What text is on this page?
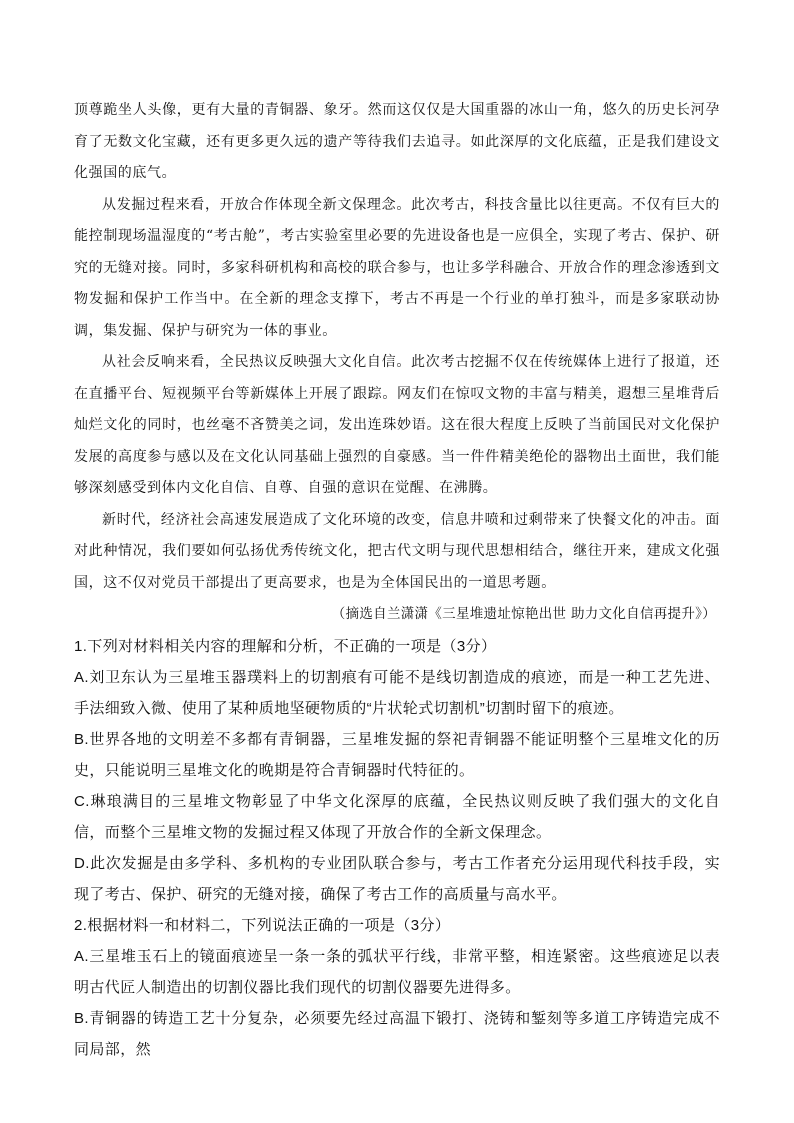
顶尊跪坐人头像，更有大量的青铜器、象牙。然而这仅仅是大国重器的冰山一角，悠久的历史长河孕育了无数文化宝藏，还有更多更久远的遗产等待我们去追寻。如此深厚的文化底蕴，正是我们建设文化强国的底气。

从发掘过程来看，开放合作体现全新文保理念。此次考古，科技含量比以往更高。不仅有巨大的能控制现场温湿度的“考古舱”，考古实验室里必要的先进设备也是一应俱全，实现了考古、保护、研究的无缝对接。同时，多家科研机构和高校的联合参与，也让多学科融合、开放合作的理念渗透到文物发掘和保护工作当中。在全新的理念支撑下，考古不再是一个行业的单打独斗，而是多家联动协调，集发掘、保护与研究为一体的事业。

从社会反响来看，全民热议反映强大文化自信。此次考古挖掘不仅在传统媒体上进行了报道，还在直播平台、短视频平台等新媒体上开展了跟踪。网友们在惊叹文物的丰富与精美，遐想三星堆背后灿烂文化的同时，也丝毫不吝赞美之词，发出连珠妙语。这在很大程度上反映了当前国民对文化保护发展的高度参与感以及在文化认同基础上强烈的自豪感。当一件件精美绝伦的器物出土面世，我们能够深刻感受到体内文化自信、自尊、自强的意识在觉醒、在沸腾。

新时代，经济社会高速发展造成了文化环境的改变，信息井喷和过剩带来了快餐文化的冲击。面对此种情况，我们要如何弘扬优秀传统文化，把古代文明与现代思想相结合，继往开来，建成文化强国，这不仅对党员干部提出了更高要求，也是为全体国民出的一道思考题。

（摘选自兰潇潇《三星堆遗址惊艳出世 助力文化自信再提升》）

1.下列对材料相关内容的理解和分析，不正确的一项是（3分）

A.刘卫东认为三星堆玉器璞料上的切割痕有可能不是线切割造成的痕迹，而是一种工艺先进、手法细致入微、使用了某种质地坚硬物质的“片状轮式切割机”切割时留下的痕迹。

B.世界各地的文明差不多都有青铜器，三星堆发掘的祭祀青铜器不能证明整个三星堆文化的历史，只能说明三星堆文化的晚期是符合青铜器时代特征的。

C.琳琅满目的三星堆文物彰显了中华文化深厚的底蕴，全民热议则反映了我们强大的文化自信，而整个三星堆文物的发掘过程又体现了开放合作的全新文保理念。

D.此次发掘是由多学科、多机构的专业团队联合参与，考古工作者充分运用现代科技手段，实现了考古、保护、研究的无缝对接，确保了考古工作的高质量与高水平。

2.根据材料一和材料二，下列说法正确的一项是（3分）

A.三星堆玉石上的镜面痕迹呈一条一条的弧状平行线，非常平整，相连紧密。这些痕迹足以表明古代匠人制造出的切割仪器比我们现代的切割仪器要先进得多。

B.青铜器的铸造工艺十分复杂，必须要先经过高温下锻打、浇铸和錾刻等多道工序铸造完成不同局部，然
